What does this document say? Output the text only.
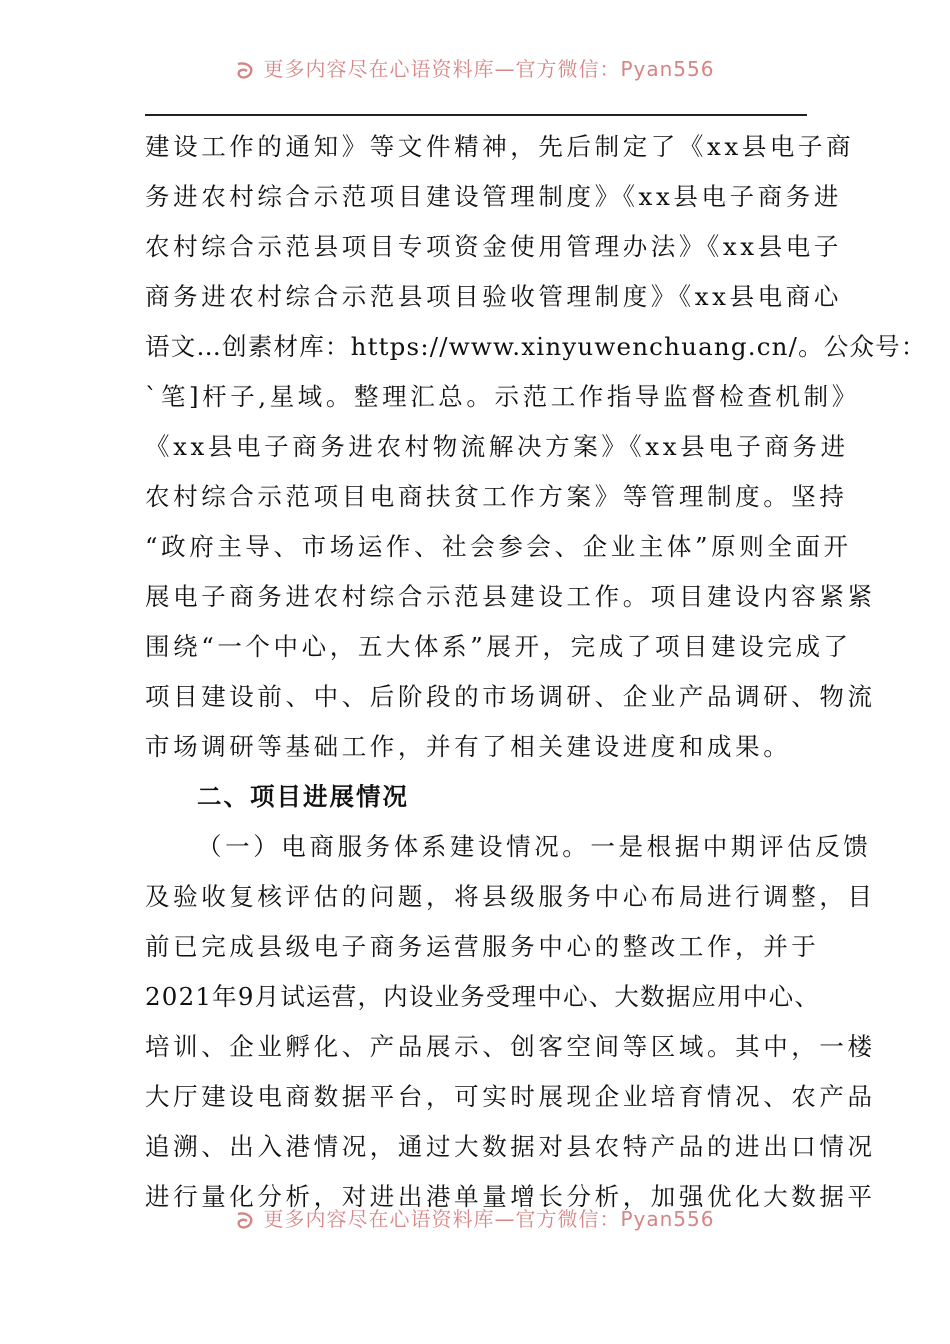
更多内容尽在心语资料库—官方微信：Pyan556
建设工作的通知》等文件精神，先后制定了《xx县电子商
务进农村综合示范项目建设管理制度》《xx县电子商务进
农村综合示范县项目专项资金使用管理办法》《xx县电子
商务进农村综合示范县项目验收管理制度》《xx县电商心
语文…创素材库：https://www.xinyuwenchuang.cn/。公众号：
`笔]杆子,星域。整理汇总。示范工作指导监督检查机制》
《xx县电子商务进农村物流解决方案》《xx县电子商务进
农村综合示范项目电商扶贫工作方案》等管理制度。坚持
“政府主导、市场运作、社会参会、企业主体”原则全面开
展电子商务进农村综合示范县建设工作。项目建设内容紧紧
围绕“一个中心，五大体系”展开，完成了项目建设完成了
项目建设前、中、后阶段的市场调研、企业产品调研、物流
市场调研等基础工作，并有了相关建设进度和成果。
二、项目进展情况
（一）电商服务体系建设情况。一是根据中期评估反馈
及验收复核评估的问题，将县级服务中心布局进行调整，目
前已完成县级电子商务运营服务中心的整改工作，并于
2021年9月试运营，内设业务受理中心、大数据应用中心、
培训、企业孵化、产品展示、创客空间等区域。其中，一楼
大厅建设电商数据平台，可实时展现企业培育情况、农产品
追溯、出入港情况，通过大数据对县农特产品的进出口情况
进行量化分析，对进出港单量增长分析，加强优化大数据平
更多内容尽在心语资料库—官方微信：Pyan556
